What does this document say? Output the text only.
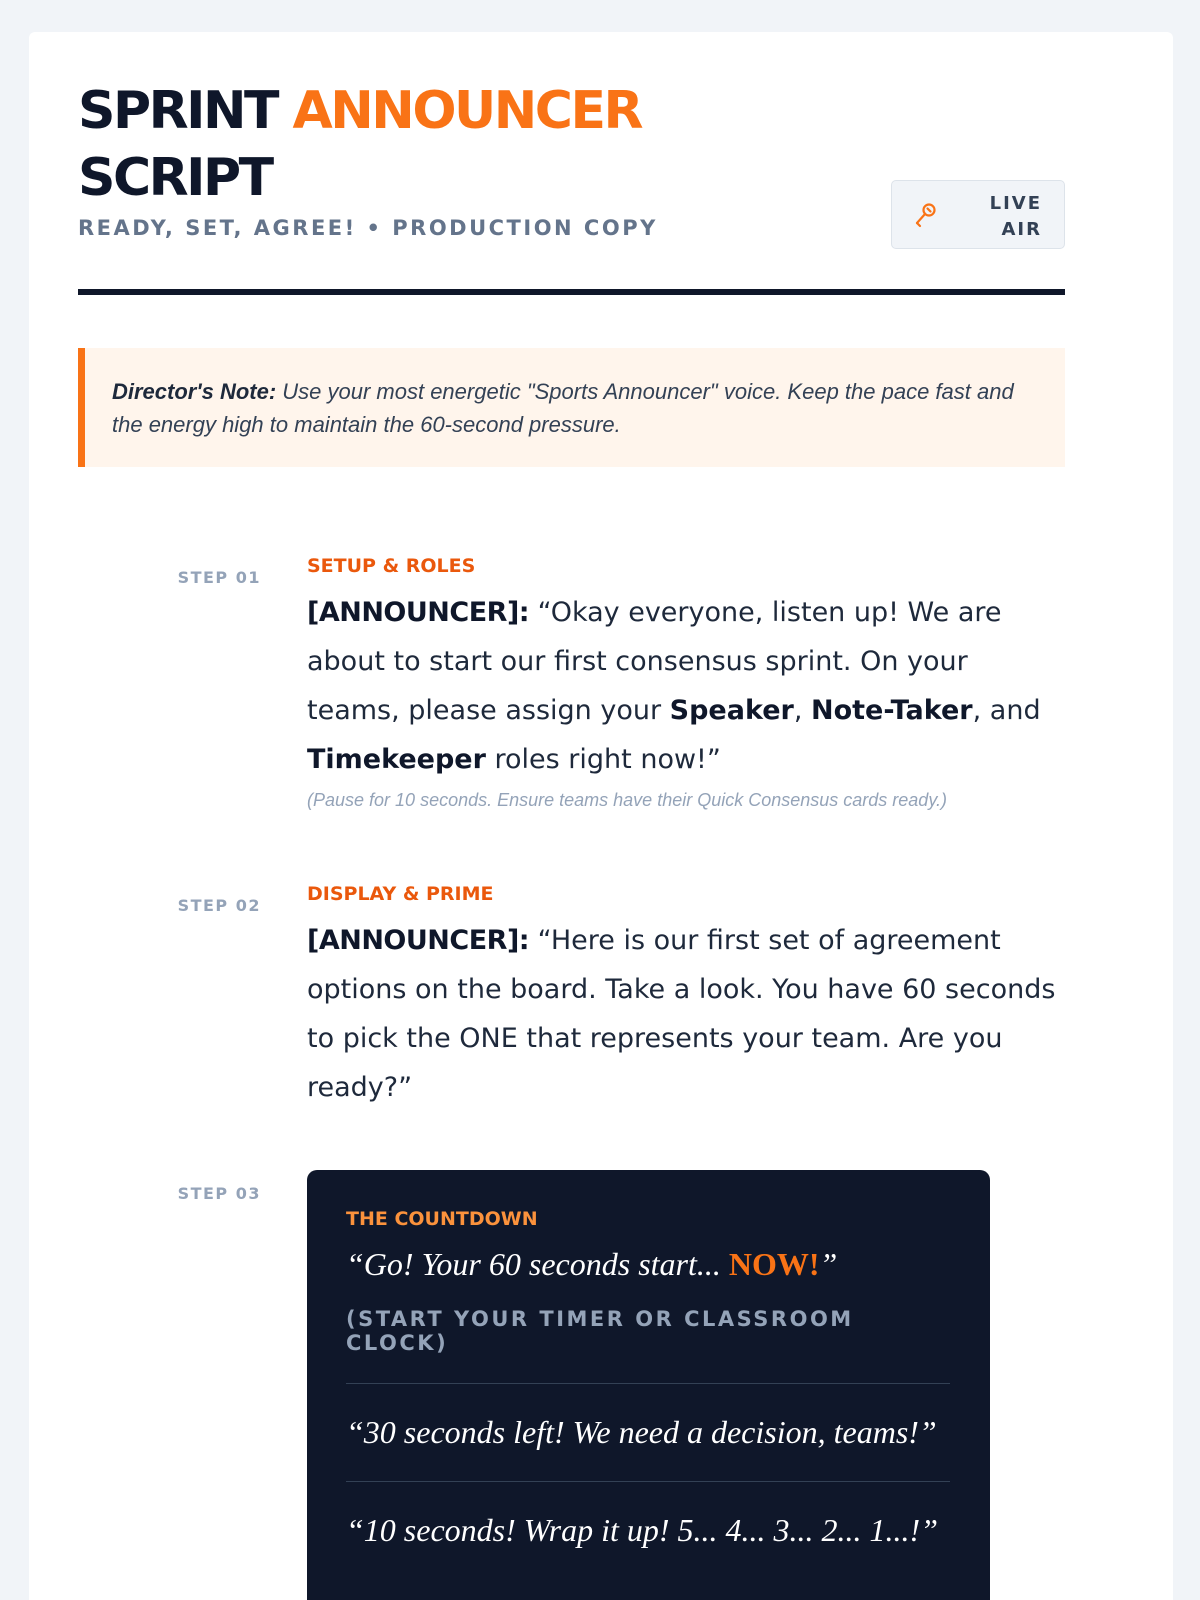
SPRINT ANNOUNCER
SCRIPT
READY, SET, AGREE! • PRODUCTION COPY
LIVE
AIR
Director's Note: Use your most energetic "Sports Announcer" voice. Keep the pace fast and the energy high to maintain the 60-second pressure.
STEP 01
SETUP & ROLES
[ANNOUNCER]: “Okay everyone, listen up! We are about to start our first consensus sprint. On your teams, please assign your Speaker, Note-Taker, and Timekeeper roles right now!”
(Pause for 10 seconds. Ensure teams have their Quick Consensus cards ready.)
STEP 02
DISPLAY & PRIME
[ANNOUNCER]: “Here is our first set of agreement options on the board. Take a look. You have 60 seconds to pick the ONE that represents your team. Are you ready?”
STEP 03
THE COUNTDOWN
“Go! Your 60 seconds start... NOW!”
(START YOUR TIMER OR CLASSROOM CLOCK)
“30 seconds left! We need a decision, teams!”
“10 seconds! Wrap it up! 5... 4... 3... 2... 1...!”
